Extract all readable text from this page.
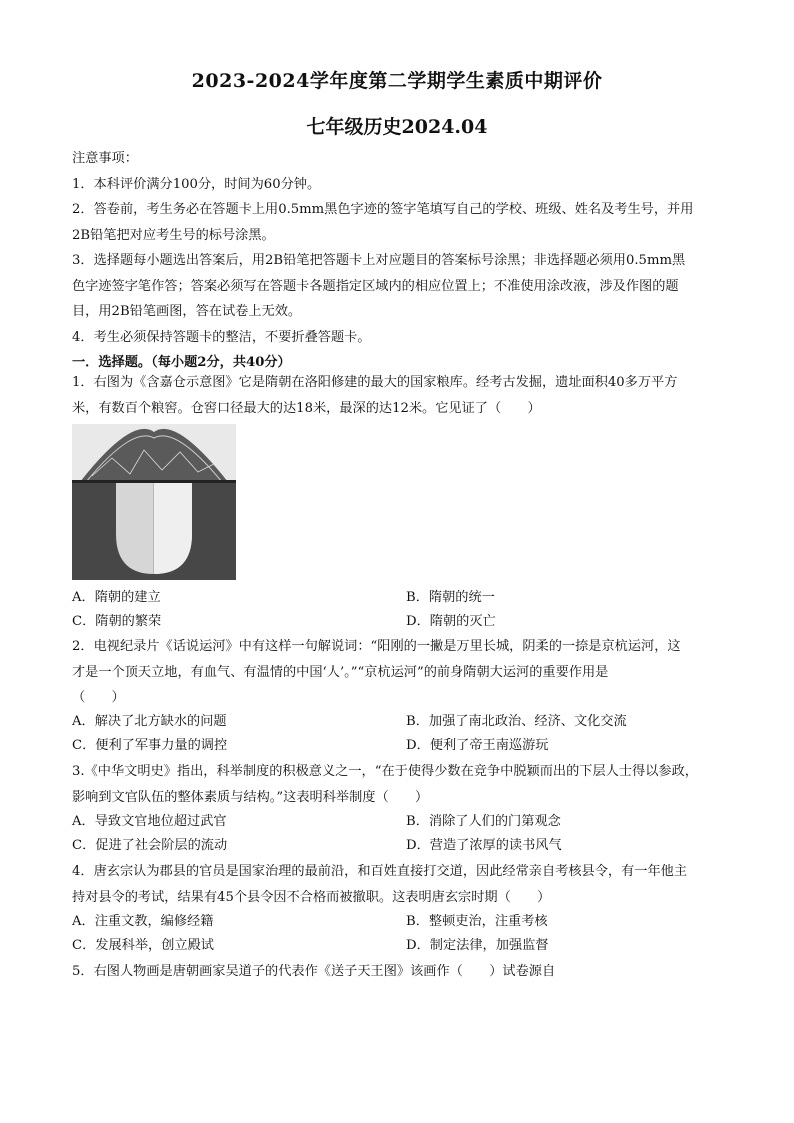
2023-2024学年度第二学期学生素质中期评价
七年级历史2024.04
注意事项：
1．本科评价满分100分，时间为60分钟。
2．答卷前，考生务必在答题卡上用0.5mm黑色字迹的签字笔填写自己的学校、班级、姓名及考生号，并用
2B铅笔把对应考生号的标号涂黑。
3．选择题每小题选出答案后，用2B铅笔把答题卡上对应题目的答案标号涂黑；非选择题必须用0.5mm黑
色字迹签字笔作答；答案必须写在答题卡各题指定区域内的相应位置上；不准使用涂改液，涉及作图的题
目，用2B铅笔画图，答在试卷上无效。
4．考生必须保持答题卡的整洁，不要折叠答题卡。
一．选择题。（每小题2分，共40分）
1．右图为《含嘉仓示意图》它是隋朝在洛阳修建的最大的国家粮库。经考古发掘，遗址面积40多万平方
米，有数百个粮窖。仓窖口径最大的达18米，最深的达12米。它见证了（　　）
A．隋朝的建立	B．隋朝的统一
C．隋朝的繁荣	D．隋朝的灭亡
2．电视纪录片《话说运河》中有这样一句解说词：“阳刚的一撇是万里长城，阴柔的一捺是京杭运河，这
才是一个顶天立地，有血气、有温情的中国‘人’。”“京杭运河”的前身隋朝大运河的重要作用是
（　　）
A．解决了北方缺水的问题	B．加强了南北政治、经济、文化交流
C．便利了军事力量的调控	D．便利了帝王南巡游玩
3.《中华文明史》指出，科举制度的积极意义之一，“在于使得少数在竞争中脱颖而出的下层人士得以参政，
影响到文官队伍的整体素质与结构。”这表明科举制度（　　）
A．导致文官地位超过武官	B．消除了人们的门第观念
C．促进了社会阶层的流动	D．营造了浓厚的读书风气
4．唐玄宗认为郡县的官员是国家治理的最前沿，和百姓直接打交道，因此经常亲自考核县令，有一年他主
持对县令的考试，结果有45个县令因不合格而被撤职。这表明唐玄宗时期（　　）
A．注重文教，编修经籍	B．整顿吏治，注重考核
C．发展科举，创立殿试	D．制定法律，加强监督
5．右图人物画是唐朝画家吴道子的代表作《送子天王图》该画作（　　）试卷源自
